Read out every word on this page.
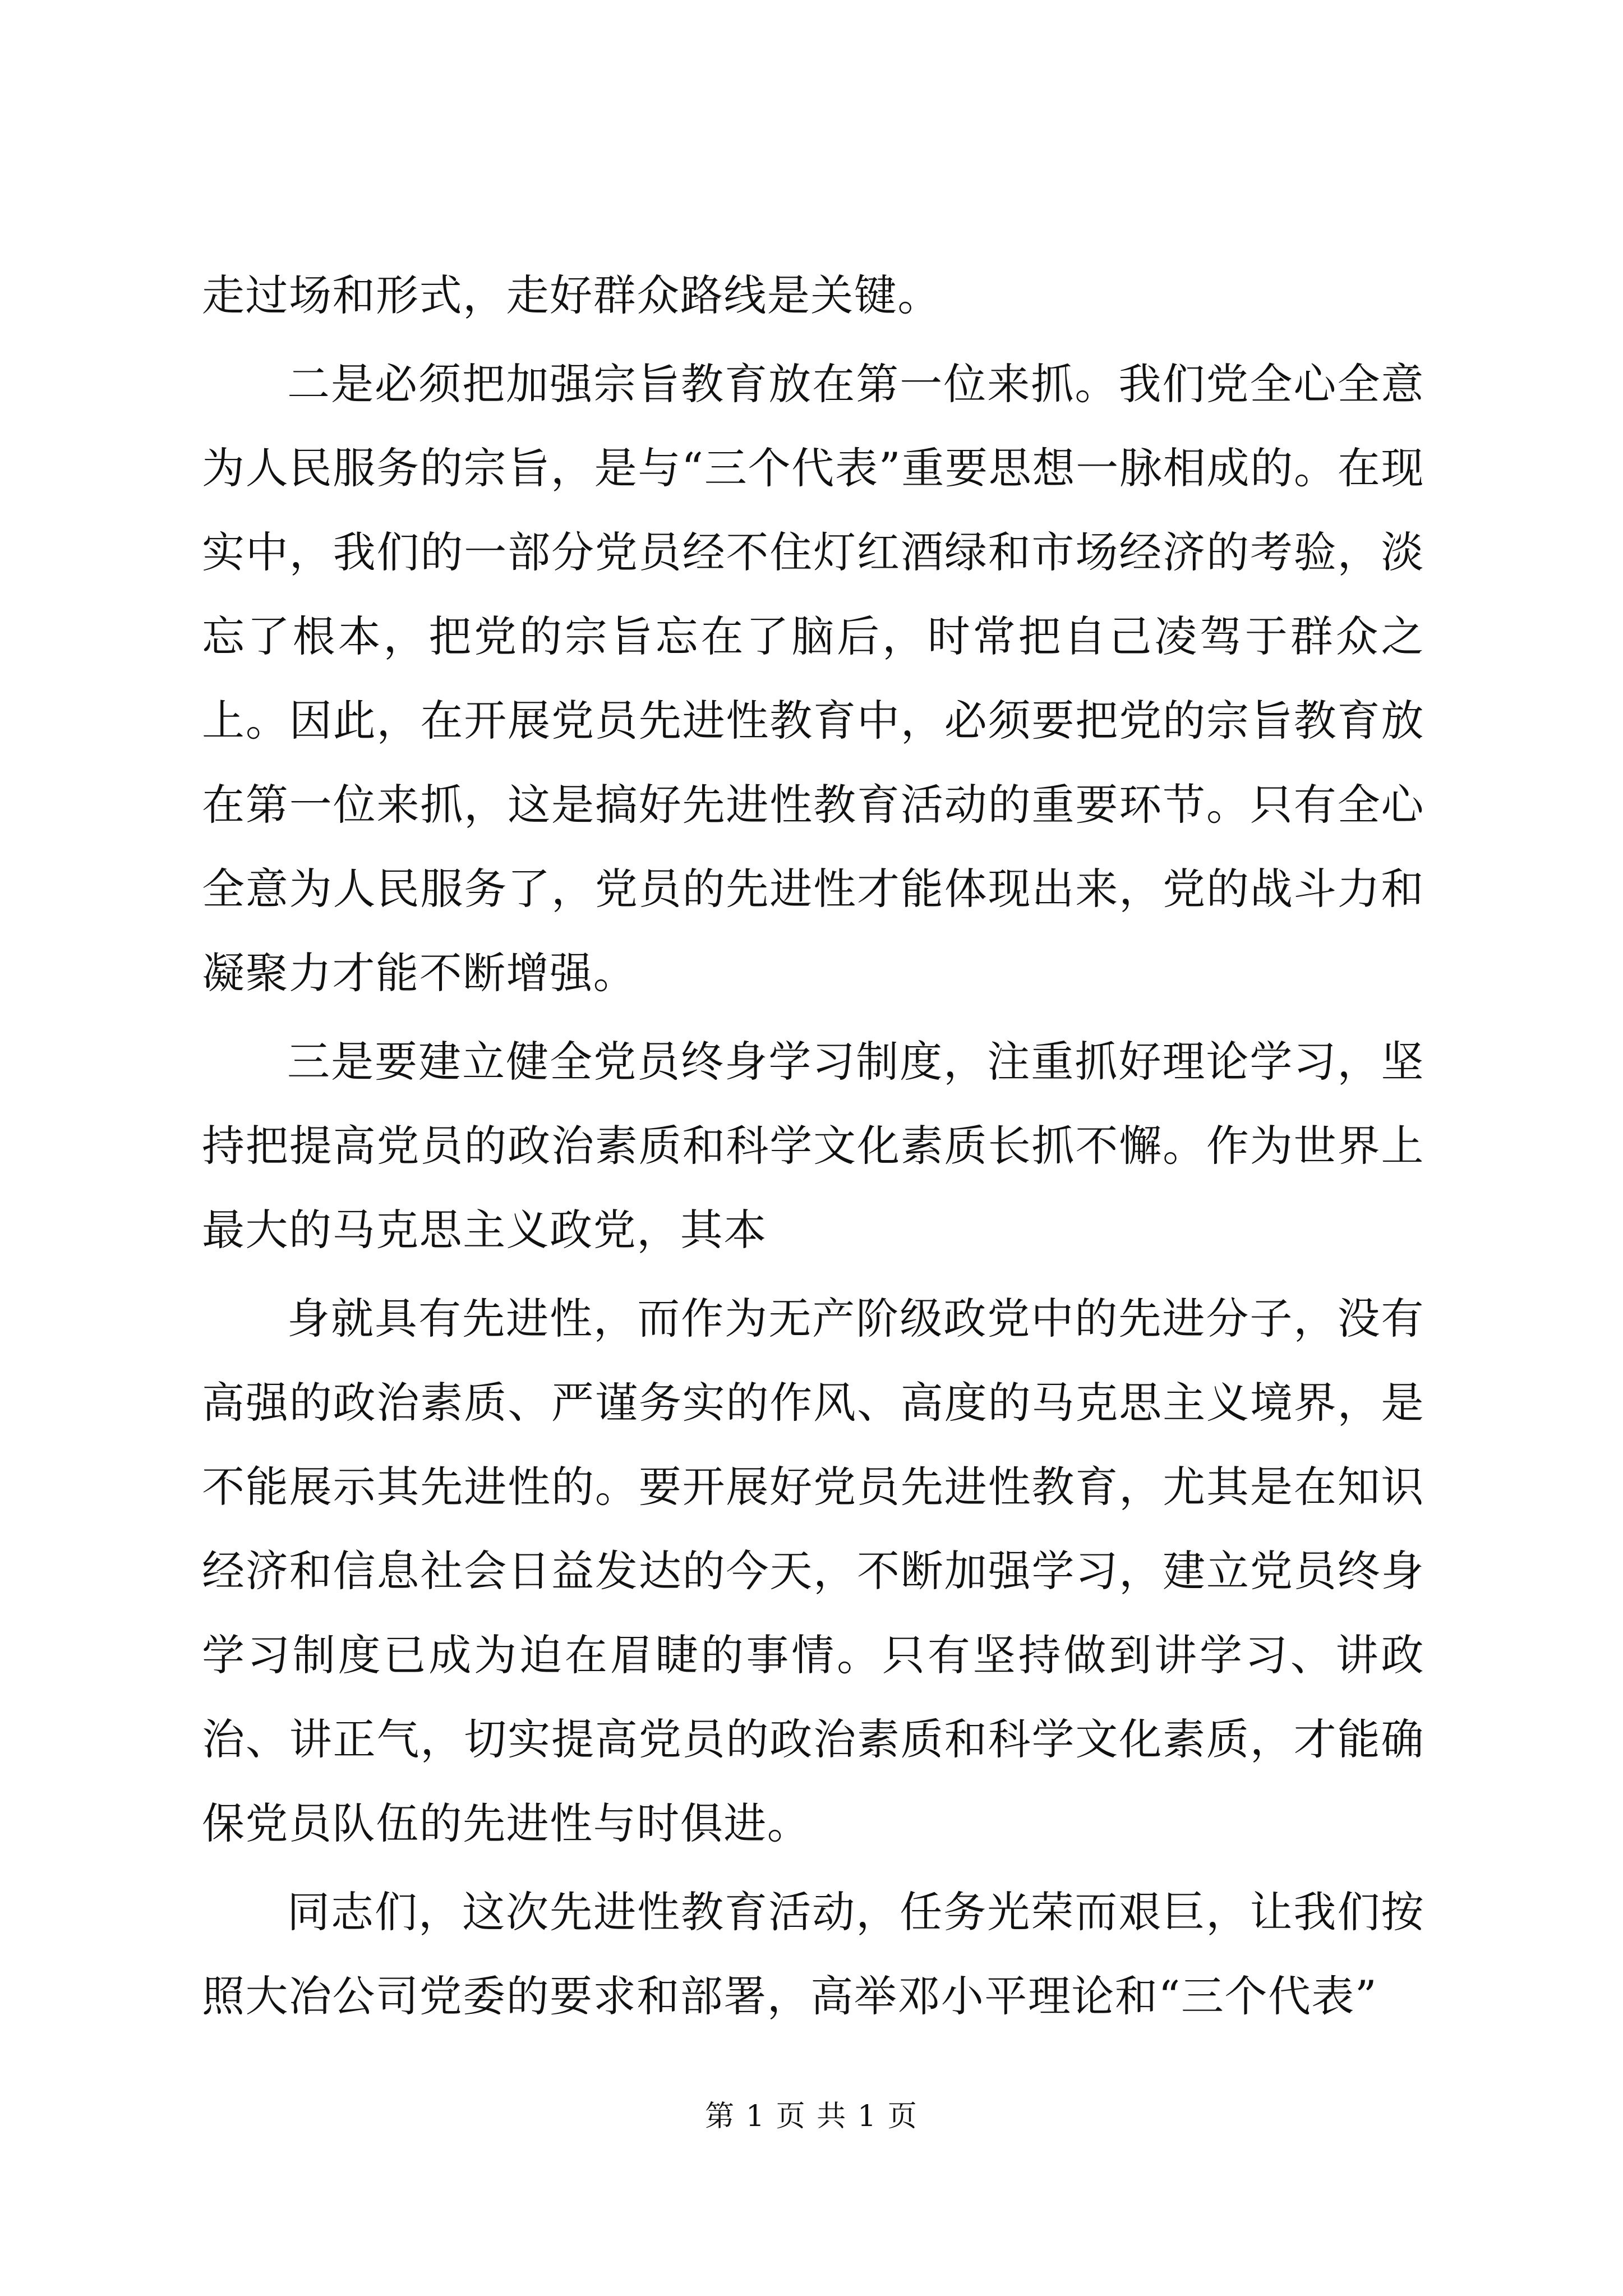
走过场和形式，走好群众路线是关键。

二是必须把加强宗旨教育放在第一位来抓。我们党全心全意为人民服务的宗旨，是与“三个代表”重要思想一脉相成的。在现实中，我们的一部分党员经不住灯红酒绿和市场经济的考验，淡忘了根本，把党的宗旨忘在了脑后，时常把自己凌驾于群众之上。因此，在开展党员先进性教育中，必须要把党的宗旨教育放在第一位来抓，这是搞好先进性教育活动的重要环节。只有全心全意为人民服务了，党员的先进性才能体现出来，党的战斗力和凝聚力才能不断增强。

三是要建立健全党员终身学习制度，注重抓好理论学习，坚持把提高党员的政治素质和科学文化素质长抓不懈。作为世界上最大的马克思主义政党，其本

身就具有先进性，而作为无产阶级政党中的先进分子，没有高强的政治素质、严谨务实的作风、高度的马克思主义境界，是不能展示其先进性的。要开展好党员先进性教育，尤其是在知识经济和信息社会日益发达的今天，不断加强学习，建立党员终身学习制度已成为迫在眉睫的事情。只有坚持做到讲学习、讲政治、讲正气，切实提高党员的政治素质和科学文化素质，才能确保党员队伍的先进性与时俱进。

同志们，这次先进性教育活动，任务光荣而艰巨，让我们按照大冶公司党委的要求和部署，高举邓小平理论和“三个代表”

第 1 页 共 1 页
